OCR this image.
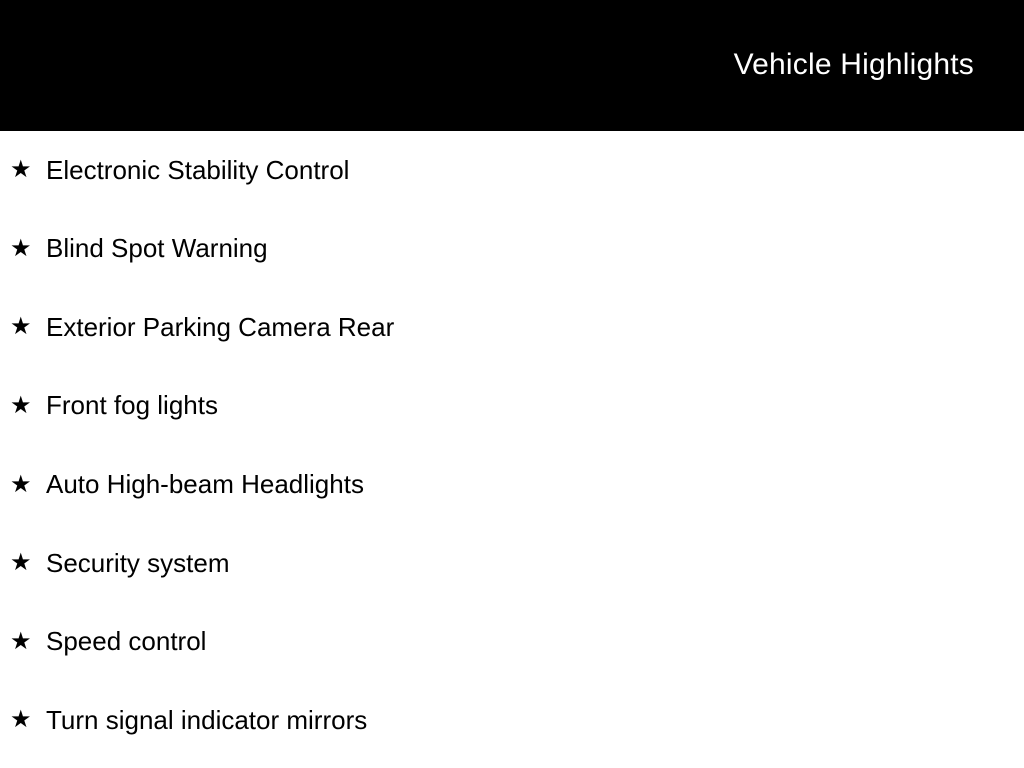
Vehicle Highlights
★ Electronic Stability Control
★ Blind Spot Warning
★ Exterior Parking Camera Rear
★ Front fog lights
★ Auto High-beam Headlights
★ Security system
★ Speed control
★ Turn signal indicator mirrors
